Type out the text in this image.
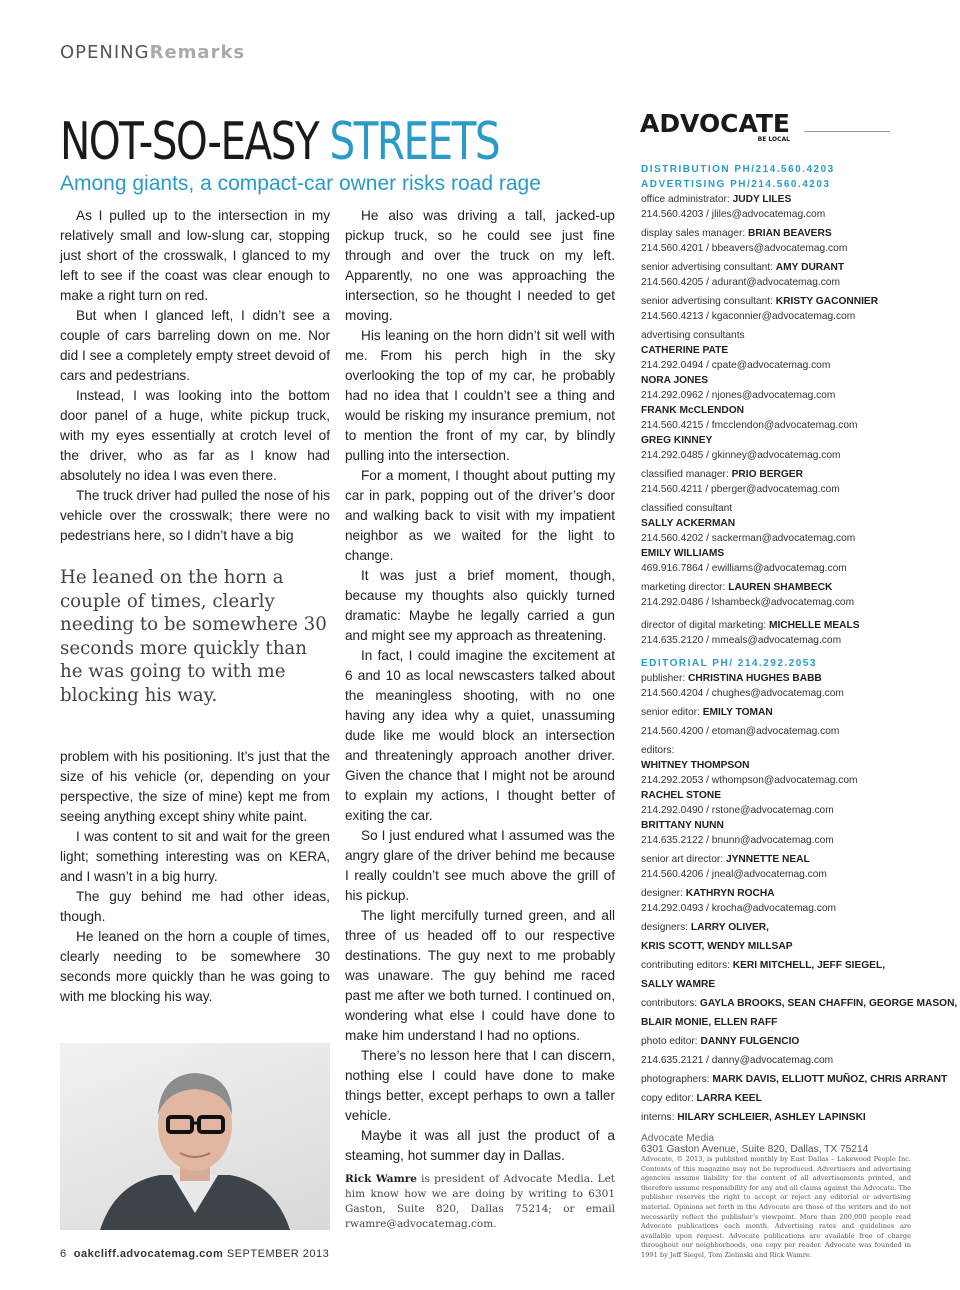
OPENINGRemarks
NOT-SO-EASY STREETS
Among giants, a compact-car owner risks road rage

As I pulled up to the intersection in my relatively small and low-slung car, stopping just short of the crosswalk, I glanced to my left to see if the coast was clear enough to make a right turn on red.

But when I glanced left, I didn’t see a couple of cars barreling down on me. Nor did I see a completely empty street devoid of cars and pedestrians.

Instead, I was looking into the bottom door panel of a huge, white pickup truck, with my eyes essentially at crotch level of the driver, who as far as I know had absolutely no idea I was even there.

The truck driver had pulled the nose of his vehicle over the crosswalk; there were no pedestrians here, so I didn’t have a big

He leaned on the horn a couple of times, clearly needing to be somewhere 30 seconds more quickly than he was going to with me blocking his way.

problem with his positioning. It’s just that the size of his vehicle (or, depending on your perspective, the size of mine) kept me from seeing anything except shiny white paint.

I was content to sit and wait for the green light; something interesting was on KERA, and I wasn’t in a big hurry.

The guy behind me had other ideas, though.

He leaned on the horn a couple of times, clearly needing to be somewhere 30 seconds more quickly than he was going to with me blocking his way.

He also was driving a tall, jacked-up pickup truck, so he could see just fine through and over the truck on my left. Apparently, no one was approaching the intersection, so he thought I needed to get moving.

His leaning on the horn didn’t sit well with me. From his perch high in the sky overlooking the top of my car, he probably had no idea that I couldn’t see a thing and would be risking my insurance premium, not to mention the front of my car, by blindly pulling into the intersection.

For a moment, I thought about putting my car in park, popping out of the driver’s door and walking back to visit with my impatient neighbor as we waited for the light to change.

It was just a brief moment, though, because my thoughts also quickly turned dramatic: Maybe he legally carried a gun and might see my approach as threatening.

In fact, I could imagine the excitement at 6 and 10 as local newscasters talked about the meaningless shooting, with no one having any idea why a quiet, unassuming dude like me would block an intersection and threateningly approach another driver. Given the chance that I might not be around to explain my actions, I thought better of exiting the car.

So I just endured what I assumed was the angry glare of the driver behind me because I really couldn’t see much above the grill of his pickup.

The light mercifully turned green, and all three of us headed off to our respective destinations. The guy next to me probably was unaware. The guy behind me raced past me after we both turned. I continued on, wondering what else I could have done to make him understand I had no options.

There’s no lesson here that I can discern, nothing else I could have done to make things better, except perhaps to own a taller vehicle.

Maybe it was all just the product of a steaming, hot summer day in Dallas.

Rick Wamre is president of Advocate Media. Let him know how we are doing by writing to 6301 Gaston, Suite 820, Dallas 75214; or email rwamre@advocatemag.com.
6 oakcliff.advocatemag.com SEPTEMBER 2013
ADVOCATE
BE LOCAL
DISTRIBUTION PH/214.560.4203
ADVERTISING PH/214.560.4203
office administrator: JUDY LILES
214.560.4203 / jliles@advocatemag.com
display sales manager: BRIAN BEAVERS
214.560.4201 / bbeavers@advocatemag.com
senior advertising consultant: AMY DURANT
214.560.4205 / adurant@advocatemag.com
senior advertising consultant: KRISTY GACONNIER
214.560.4213 / kgaconnier@advocatemag.com
advertising consultants
CATHERINE PATE
214.292.0494 / cpate@advocatemag.com
NORA JONES
214.292.0962 / njones@advocatemag.com
FRANK McCLENDON
214.560.4215 / fmcclendon@advocatemag.com
GREG KINNEY
214.292.0485 / gkinney@advocatemag.com
classified manager: PRIO BERGER
214.560.4211 / pberger@advocatemag.com
classified consultant
SALLY ACKERMAN
214.560.4202 / sackerman@advocatemag.com
EMILY WILLIAMS
469.916.7864 / ewilliams@advocatemag.com
marketing director: LAUREN SHAMBECK
214.292.0486 / lshambeck@advocatemag.com
director of digital marketing: MICHELLE MEALS
214.635.2120 / mmeals@advocatemag.com
EDITORIAL PH/ 214.292.2053
publisher: CHRISTINA HUGHES BABB
214.560.4204 / chughes@advocatemag.com
senior editor: EMILY TOMAN
214.560.4200 / etoman@advocatemag.com
editors:
WHITNEY THOMPSON
214.292.2053 / wthompson@advocatemag.com
RACHEL STONE
214.292.0490 / rstone@advocatemag.com
BRITTANY NUNN
214.635.2122 / bnunn@advocatemag.com
senior art director: JYNNETTE NEAL
214.560.4206 / jneal@advocatemag.com
designer: KATHRYN ROCHA
214.292.0493 / krocha@advocatemag.com
designers: LARRY OLIVER,
KRIS SCOTT, WENDY MILLSAP
contributing editors: KERI MITCHELL, JEFF SIEGEL,
SALLY WAMRE
contributors: GAYLA BROOKS, SEAN CHAFFIN, GEORGE MASON,
BLAIR MONIE, ELLEN RAFF
photo editor: DANNY FULGENCIO
214.635.2121 / danny@advocatemag.com
photographers: MARK DAVIS, ELLIOTT MUÑOZ, CHRIS ARRANT
copy editor: LARRA KEEL
interns: HILARY SCHLEIER, ASHLEY LAPINSKI
Advocate Media
6301 Gaston Avenue, Suite 820, Dallas, TX 75214
Advocate, © 2013, is published monthly by East Dallas – Lakewood People Inc. Contents of this magazine may not be reproduced. Advertisers and advertising agencies assume liability for the content of all advertisements printed, and therefore assume responsibility for any and all claims against the Advocate. The publisher reserves the right to accept or reject any editorial or advertising material. Opinions set forth in the Advocate are those of the writers and do not necessarily reflect the publisher’s viewpoint. More than 200,000 people read Advocate publications each month. Advertising rates and guidelines are available upon request. Advocate publications are available free of charge throughout our neighborhoods, one copy per reader. Advocate was founded in 1991 by Jeff Siegel, Tom Zielinski and Rick Wamre.
